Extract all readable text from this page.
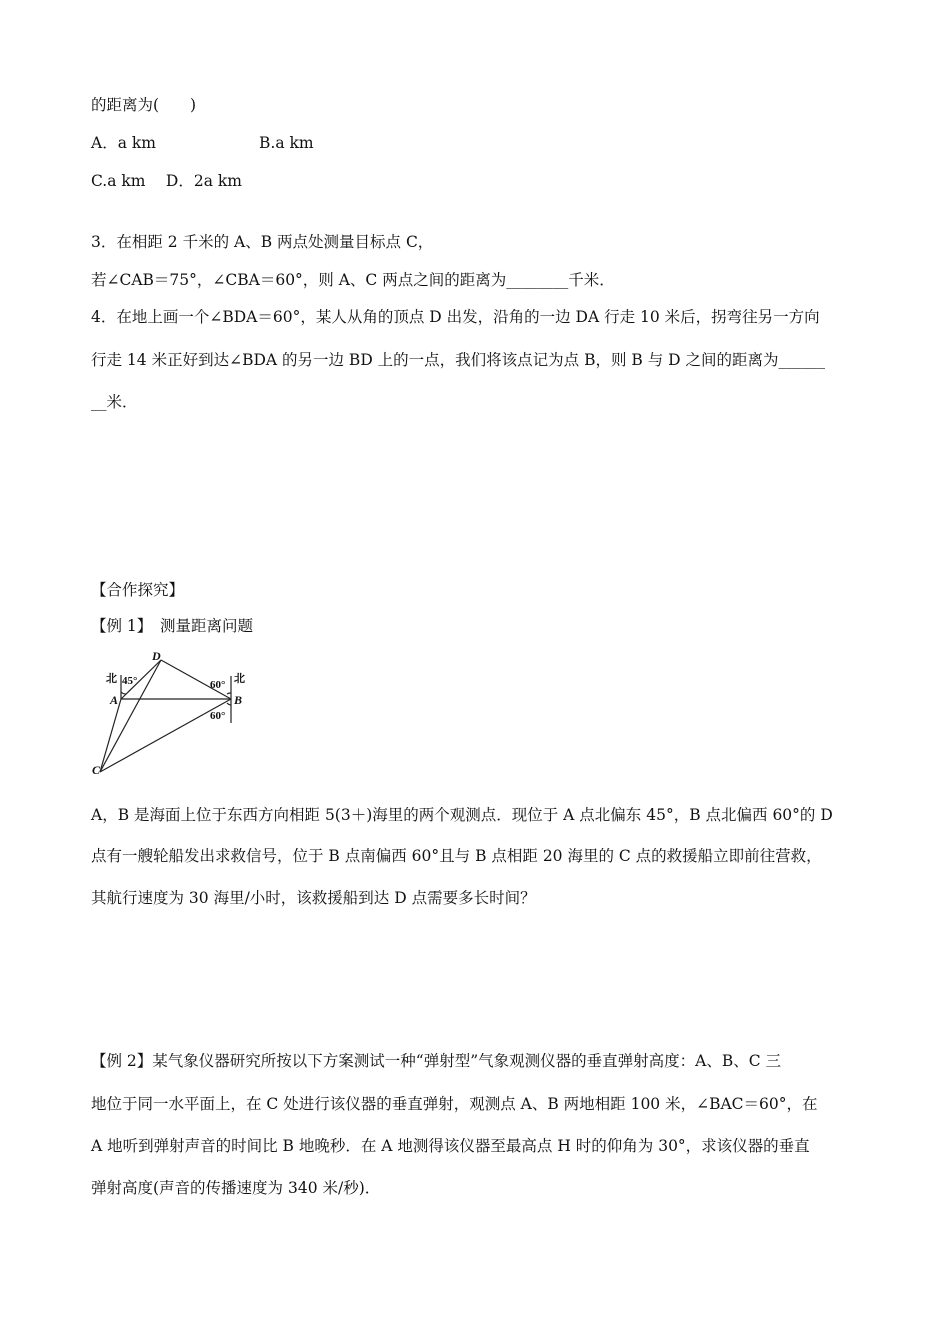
的距离为(　　)
A．a km	B.a km
C.a km　 D．2a km
3．在相距 2 千米的 A、B 两点处测量目标点 C，
若∠CAB＝75°，∠CBA＝60°，则 A、C 两点之间的距离为________千米．
4．在地上画一个∠BDA＝60°，某人从角的顶点 D 出发，沿角的一边 DA 行走 10 米后，拐弯往另一方向
行走 14 米正好到达∠BDA 的另一边 BD 上的一点，我们将该点记为点 B，则 B 与 D 之间的距离为______
__米．
【合作探究】
【例 1】　测量距离问题
D
A	B
C
北	北
45°	60°
60°
A，B 是海面上位于东西方向相距 5(3＋)海里的两个观测点．现位于 A 点北偏东 45°，B 点北偏西 60°的 D
点有一艘轮船发出求救信号，位于 B 点南偏西 60°且与 B 点相距 20 海里的 C 点的救援船立即前往营救，
其航行速度为 30 海里/小时，该救援船到达 D 点需要多长时间？
【例 2】某气象仪器研究所按以下方案测试一种“弹射型”气象观测仪器的垂直弹射高度：A、B、C 三
地位于同一水平面上，在 C 处进行该仪器的垂直弹射，观测点 A、B 两地相距 100 米，∠BAC＝60°，在
A 地听到弹射声音的时间比 B 地晚秒．在 A 地测得该仪器至最高点 H 时的仰角为 30°，求该仪器的垂直
弹射高度(声音的传播速度为 340 米/秒)．
